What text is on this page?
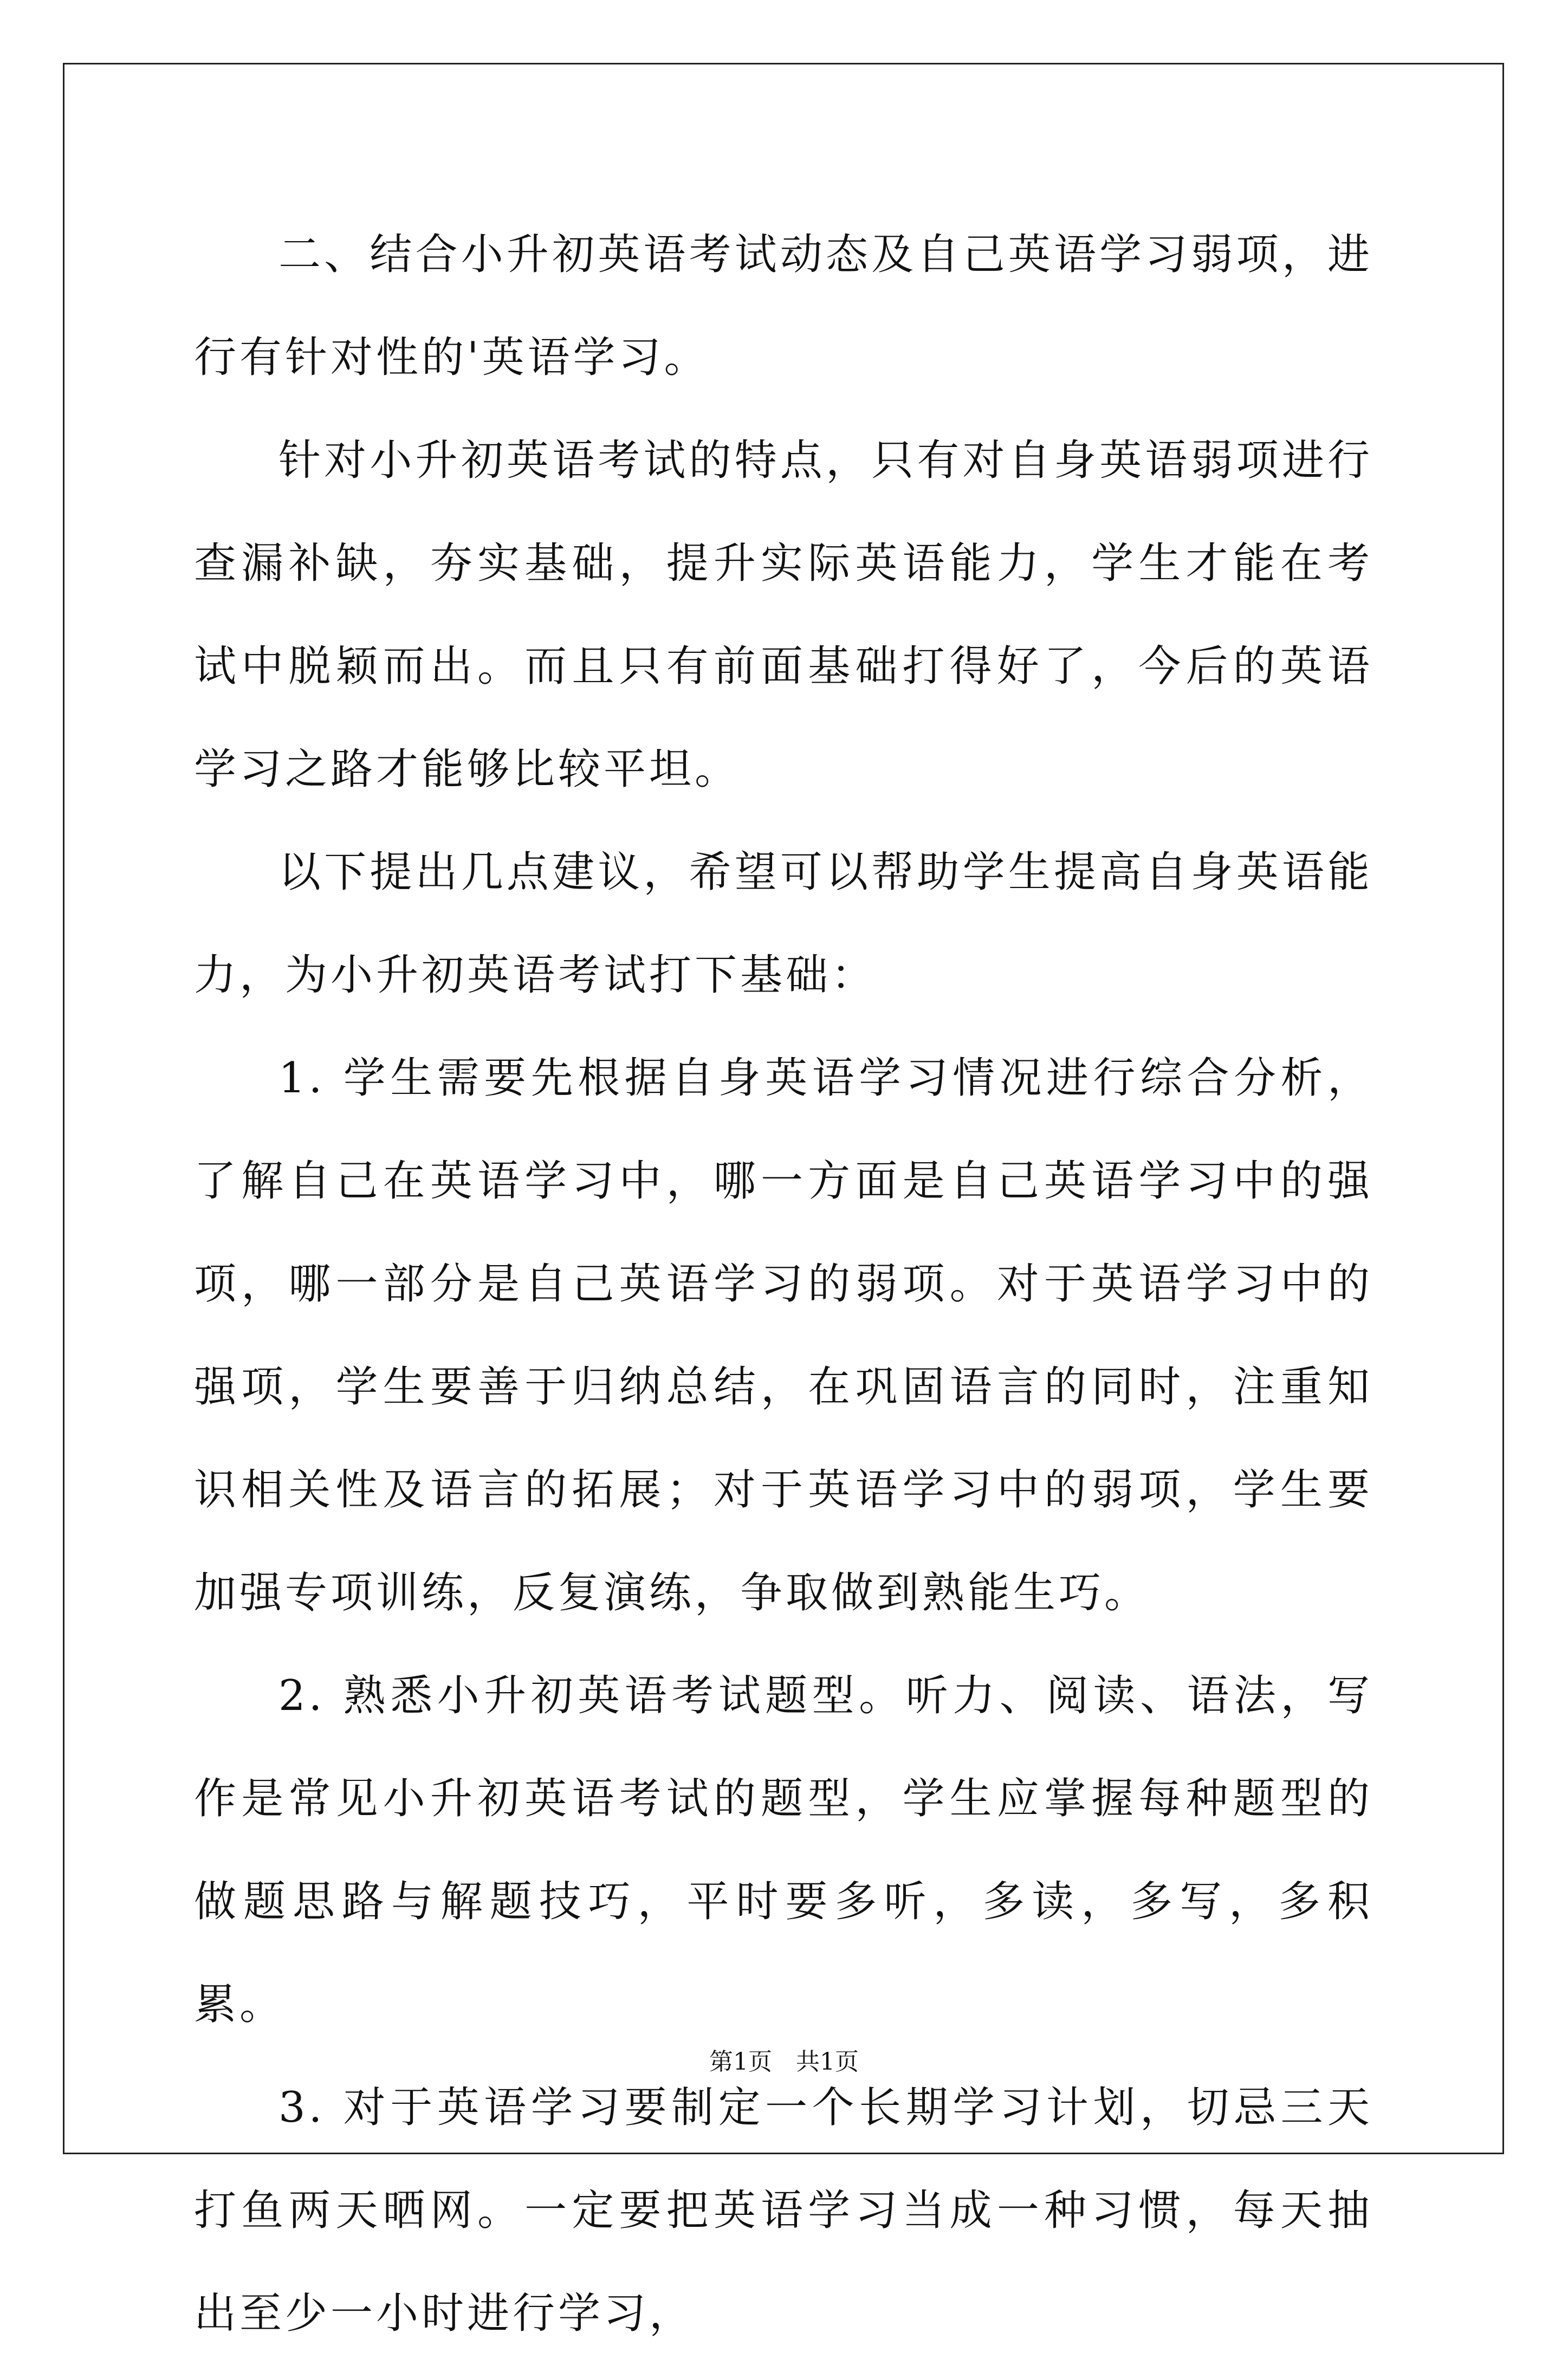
二、结合小升初英语考试动态及自己英语学习弱项，进行有针对性的'英语学习。

针对小升初英语考试的特点，只有对自身英语弱项进行查漏补缺，夯实基础，提升实际英语能力，学生才能在考试中脱颖而出。而且只有前面基础打得好了，今后的英语学习之路才能够比较平坦。

以下提出几点建议，希望可以帮助学生提高自身英语能力，为小升初英语考试打下基础：

1. 学生需要先根据自身英语学习情况进行综合分析，了解自己在英语学习中，哪一方面是自己英语学习中的强项，哪一部分是自己英语学习的弱项。对于英语学习中的强项，学生要善于归纳总结，在巩固语言的同时，注重知识相关性及语言的拓展；对于英语学习中的弱项，学生要加强专项训练，反复演练，争取做到熟能生巧。

2. 熟悉小升初英语考试题型。听力、阅读、语法，写作是常见小升初英语考试的题型，学生应掌握每种题型的做题思路与解题技巧，平时要多听，多读，多写，多积累。

3. 对于英语学习要制定一个长期学习计划，切忌三天打鱼两天晒网。一定要把英语学习当成一种习惯，每天抽出至少一小时进行学习，

第1页　共1页
